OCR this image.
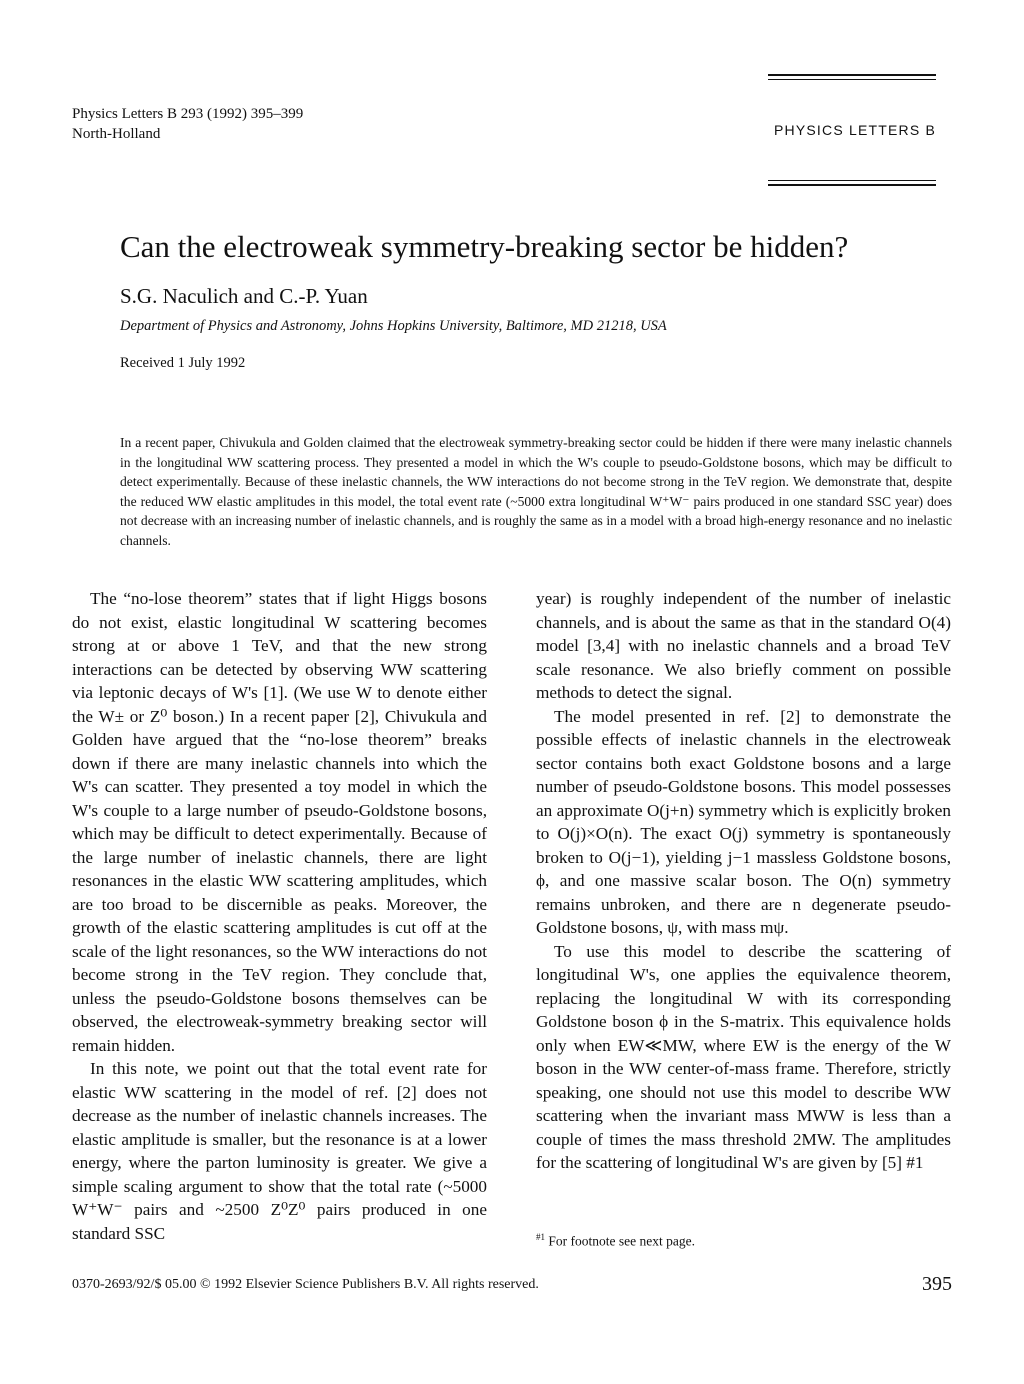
Physics Letters B 293 (1992) 395–399
North-Holland	PHYSICS LETTERS B
Can the electroweak symmetry-breaking sector be hidden?
S.G. Naculich and C.-P. Yuan
Department of Physics and Astronomy, Johns Hopkins University, Baltimore, MD 21218, USA
Received 1 July 1992
In a recent paper, Chivukula and Golden claimed that the electroweak symmetry-breaking sector could be hidden if there were many inelastic channels in the longitudinal WW scattering process. They presented a model in which the W's couple to pseudo-Goldstone bosons, which may be difficult to detect experimentally. Because of these inelastic channels, the WW interactions do not become strong in the TeV region. We demonstrate that, despite the reduced WW elastic amplitudes in this model, the total event rate (~5000 extra longitudinal W⁺W⁻ pairs produced in one standard SSC year) does not decrease with an increasing number of inelastic channels, and is roughly the same as in a model with a broad high-energy resonance and no inelastic channels.

The “no-lose theorem” states that if light Higgs bosons do not exist, elastic longitudinal W scattering becomes strong at or above 1 TeV, and that the new strong interactions can be detected by observing WW scattering via leptonic decays of W's [1]. (We use W to denote either the W± or Z⁰ boson.) In a recent paper [2], Chivukula and Golden have argued that the “no-lose theorem” breaks down if there are many inelastic channels into which the W's can scatter. They presented a toy model in which the W's couple to a large number of pseudo-Goldstone bosons, which may be difficult to detect experimentally. Because of the large number of inelastic channels, there are light resonances in the elastic WW scattering amplitudes, which are too broad to be discernible as peaks. Moreover, the growth of the elastic scattering amplitudes is cut off at the scale of the light resonances, so the WW interactions do not become strong in the TeV region. They conclude that, unless the pseudo-Goldstone bosons themselves can be observed, the electroweak-symmetry breaking sector will remain hidden.

In this note, we point out that the total event rate for elastic WW scattering in the model of ref. [2] does not decrease as the number of inelastic channels increases. The elastic amplitude is smaller, but the resonance is at a lower energy, where the parton luminosity is greater. We give a simple scaling argument to show that the total rate (~5000 W⁺W⁻ pairs and ~2500 Z⁰Z⁰ pairs produced in one standard SSC

year) is roughly independent of the number of inelastic channels, and is about the same as that in the standard O(4) model [3,4] with no inelastic channels and a broad TeV scale resonance. We also briefly comment on possible methods to detect the signal.

The model presented in ref. [2] to demonstrate the possible effects of inelastic channels in the electroweak sector contains both exact Goldstone bosons and a large number of pseudo-Goldstone bosons. This model possesses an approximate O(j+n) symmetry which is explicitly broken to O(j)×O(n). The exact O(j) symmetry is spontaneously broken to O(j−1), yielding j−1 massless Goldstone bosons, ϕ, and one massive scalar boson. The O(n) symmetry remains unbroken, and there are n degenerate pseudo-Goldstone bosons, ψ, with mass mψ.

To use this model to describe the scattering of longitudinal W's, one applies the equivalence theorem, replacing the longitudinal W with its corresponding Goldstone boson ϕ in the S-matrix. This equivalence holds only when EW≪MW, where EW is the energy of the W boson in the WW center-of-mass frame. Therefore, strictly speaking, one should not use this model to describe WW scattering when the invariant mass MWW is less than a couple of times the mass threshold 2MW. The amplitudes for the scattering of longitudinal W's are given by [5] #1

$^{\#1}$ For footnote see next page.
0370-2693/92/$ 05.00 © 1992 Elsevier Science Publishers B.V. All rights reserved.	395
